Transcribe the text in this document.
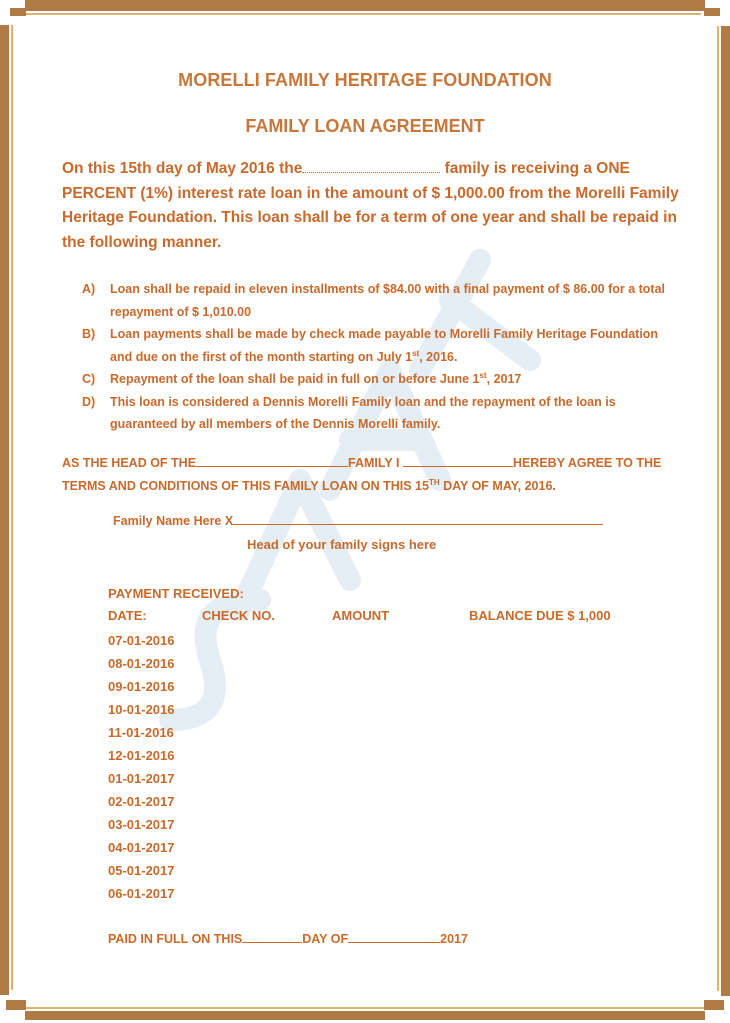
MORELLI FAMILY HERITAGE FOUNDATION
FAMILY LOAN AGREEMENT
On this 15th day of May 2016 the	family is receiving a ONE PERCENT (1%) interest rate loan in the amount of $ 1,000.00 from the Morelli Family Heritage Foundation. This loan shall be for a term of one year and shall be repaid in the following manner.
A)	Loan shall be repaid in eleven installments of $84.00 with a final payment of $ 86.00 for a total repayment of $ 1,010.00
B)	Loan payments shall be made by check made payable to Morelli Family Heritage Foundation and due on the first of the month starting on July 1st, 2016.
C)	Repayment of the loan shall be paid in full on or before June 1st, 2017
D)	This loan is considered a Dennis Morelli Family loan and the repayment of the loan is guaranteed by all members of the Dennis Morelli family.
AS THE HEAD OF THE	FAMILY I	HEREBY AGREE TO THE
TERMS AND CONDITIONS OF THIS FAMILY LOAN ON THIS 15TH DAY OF MAY, 2016.
Family Name Here X
Head of your family signs here
PAYMENT RECEIVED:
DATE:	CHECK NO.	AMOUNT	BALANCE DUE $ 1,000
07-01-2016
08-01-2016
09-01-2016
10-01-2016
11-01-2016
12-01-2016
01-01-2017
02-01-2017
03-01-2017
04-01-2017
05-01-2017
06-01-2017
PAID IN FULL ON THIS	DAY OF	2017
